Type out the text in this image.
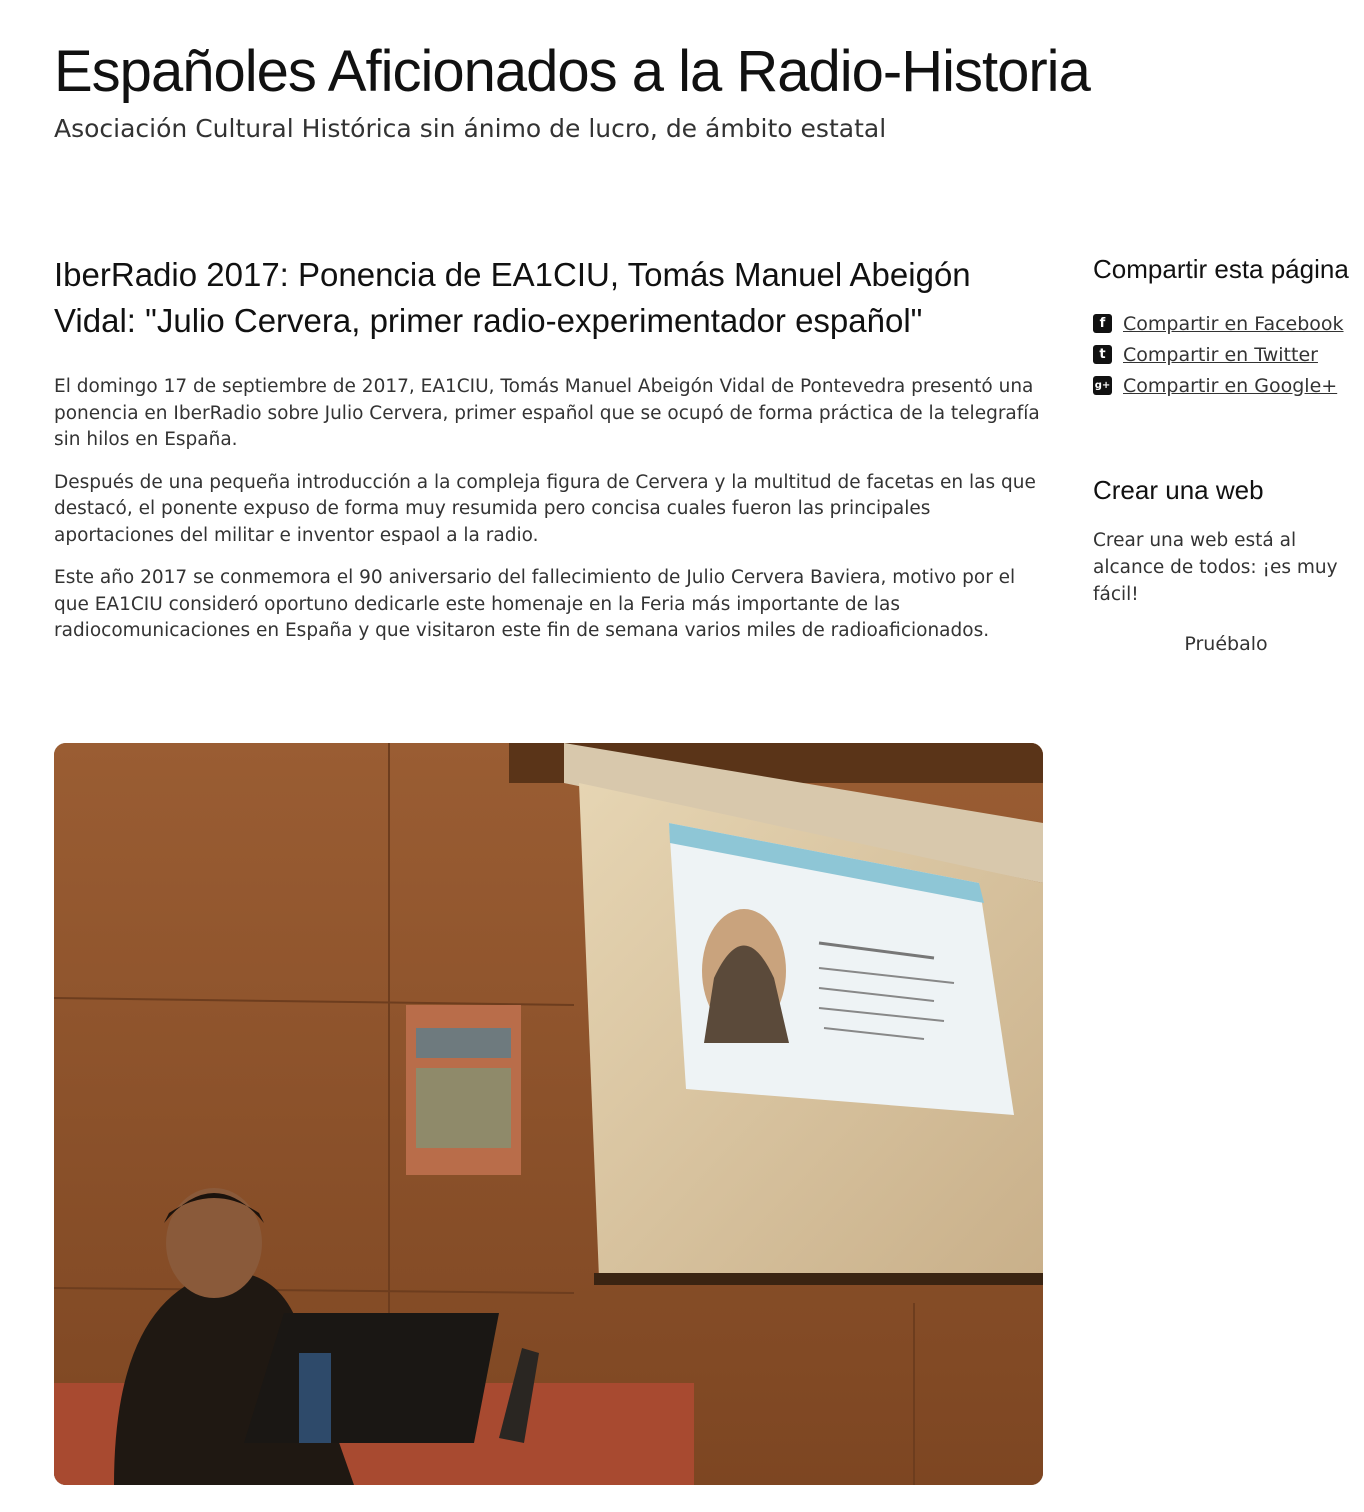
Españoles Aficionados a la Radio-Historia
Asociación Cultural Histórica sin ánimo de lucro, de ámbito estatal
IberRadio 2017: Ponencia de EA1CIU, Tomás Manuel Abeigón Vidal: "Julio Cervera, primer radio-experimentador español"

El domingo 17 de septiembre de 2017, EA1CIU, Tomás Manuel Abeigón Vidal de Pontevedra presentó una ponencia en IberRadio sobre Julio Cervera, primer español que se ocupó de forma práctica de la telegrafía sin hilos en España.

Después de una pequeña introducción a la compleja figura de Cervera y la multitud de facetas en las que destacó, el ponente expuso de forma muy resumida pero concisa cuales fueron las principales aportaciones del militar e inventor espaol a la radio.

Este año 2017 se conmemora el 90 aniversario del fallecimiento de Julio Cervera Baviera, motivo por el que EA1CIU consideró oportuno dedicarle este homenaje en la Feria más importante de las radiocomunicaciones en España y que visitaron este fin de semana varios miles de radioaficionados.

Compartir esta página
f Compartir en Facebook
t Compartir en Twitter
g+ Compartir en Google+
Crear una web

Crear una web está al alcance de todos: ¡es muy fácil!

Pruébalo
